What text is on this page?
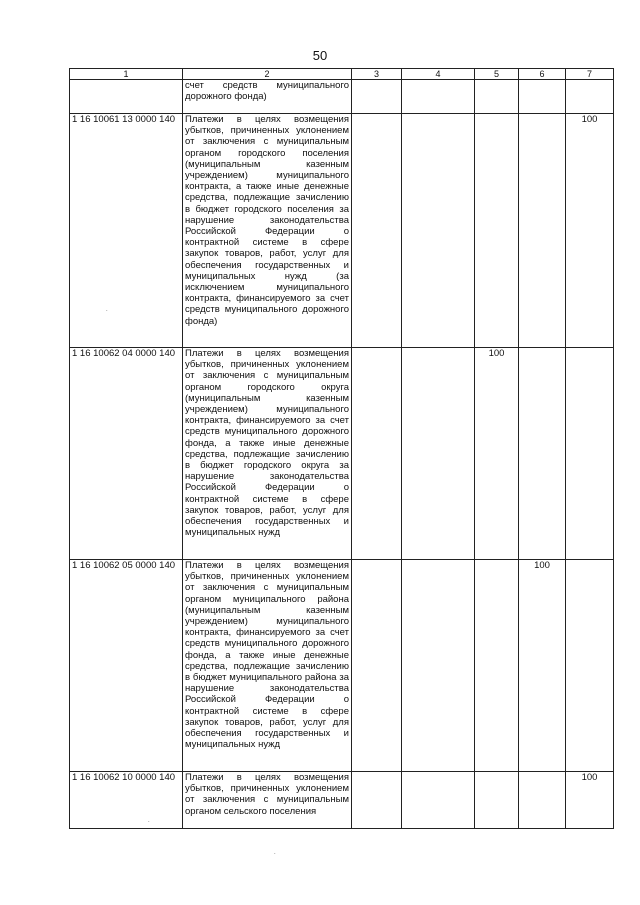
50
1	2	3	4	5	6	7
	счет средств муниципального дорожного фонда)					
1 16 10061 13 0000 140	Платежи в целях возмещения убытков, причиненных уклонением от заключения с муниципальным органом городского поселения (муниципальным казенным учреждением) муниципального контракта, а также иные денежные средства, подлежащие зачислению в бюджет городского поселения за нарушение законодательства Российской Федерации о контрактной системе в сфере закупок товаров, работ, услуг для обеспечения государственных и муниципальных нужд (за исключением муниципального контракта, финансируемого за счет средств муниципального дорожного фонда)					100
1 16 10062 04 0000 140	Платежи в целях возмещения убытков, причиненных уклонением от заключения с муниципальным органом городского округа (муниципальным казенным учреждением) муниципального контракта, финансируемого за счет средств муниципального дорожного фонда, а также иные денежные средства, подлежащие зачислению в бюджет городского округа за нарушение законодательства Российской Федерации о контрактной системе в сфере закупок товаров, работ, услуг для обеспечения государственных и муниципальных нужд			100		
1 16 10062 05 0000 140	Платежи в целях возмещения убытков, причиненных уклонением от заключения с муниципальным органом муниципального района (муниципальным казенным учреждением) муниципального контракта, финансируемого за счет средств муниципального дорожного фонда, а также иные денежные средства, подлежащие зачислению в бюджет муниципального района за нарушение законодательства Российской Федерации о контрактной системе в сфере закупок товаров, работ, услуг для обеспечения государственных и муниципальных нужд				100	
1 16 10062 10 0000 140	Платежи в целях возмещения убытков, причиненных уклонением от заключения с муниципальным органом сельского поселения					100
.
.
.
